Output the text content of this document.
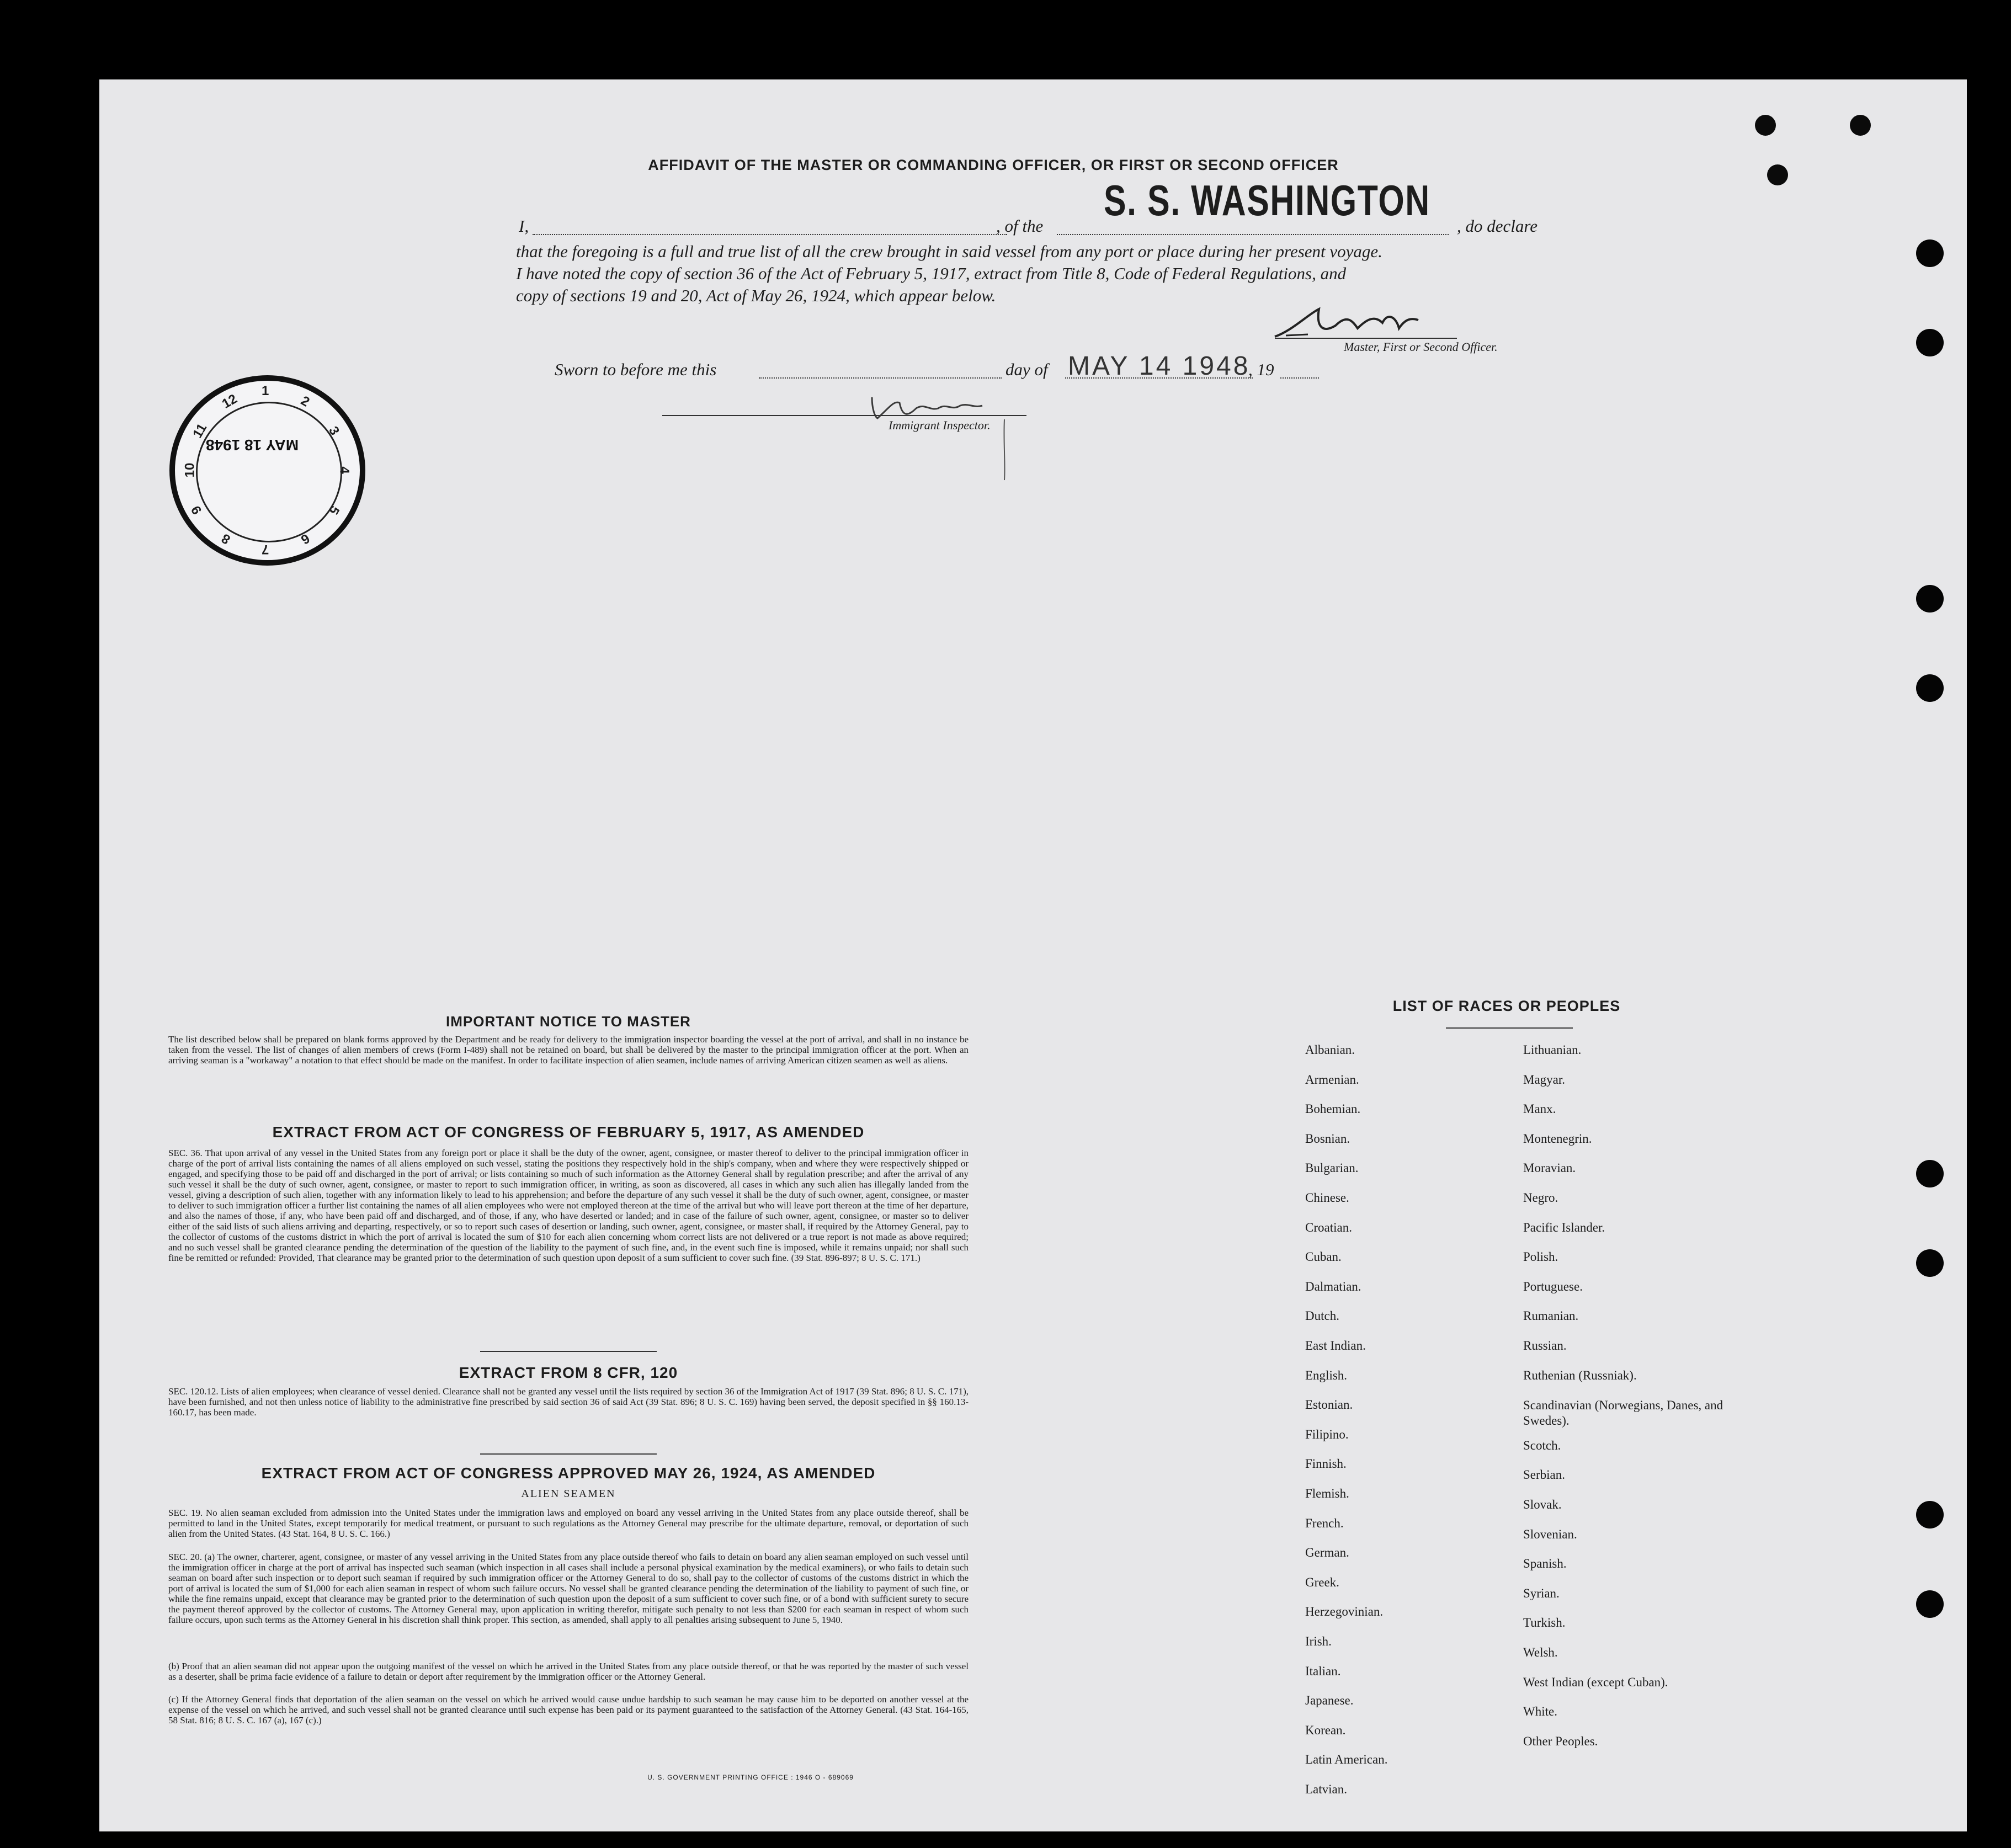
AFFIDAVIT OF THE MASTER OR COMMANDING OFFICER, OR FIRST OR SECOND OFFICER
I,	, of the
S. S. WASHINGTON
, do declare
that the foregoing is a full and true list of all the crew brought in said vessel from any port or place during her present voyage.
I have noted the copy of section 36 of the Act of February 5, 1917, extract from Title 8, Code of Federal Regulations, and
copy of sections 19 and 20, Act of May 26, 1924, which appear below.
Master, First or Second Officer.
Sworn to before me this	day of MAY 14 1948
, 19
Immigrant Inspector.
MAY 18 1948
1
2
3
4
5
6
7
8
9
10
11
12
IMPORTANT NOTICE TO MASTER
The list described below shall be prepared on blank forms approved by the Department and be ready for delivery to the immigration inspector boarding the vessel at the port of arrival, and shall in no instance be taken from the vessel. The list of changes of alien members of crews (Form I-489) shall not be retained on board, but shall be delivered by the master to the principal immigration officer at the port. When an arriving seaman is a "workaway" a notation to that effect should be made on the manifest. In order to facilitate inspection of alien seamen, include names of arriving American citizen seamen as well as aliens.
EXTRACT FROM ACT OF CONGRESS OF FEBRUARY 5, 1917, AS AMENDED
SEC. 36. That upon arrival of any vessel in the United States from any foreign port or place it shall be the duty of the owner, agent, consignee, or master thereof to deliver to the principal immigration officer in charge of the port of arrival lists containing the names of all aliens employed on such vessel, stating the positions they respectively hold in the ship's company, when and where they were respectively shipped or engaged, and specifying those to be paid off and discharged in the port of arrival; or lists containing so much of such information as the Attorney General shall by regulation prescribe; and after the arrival of any such vessel it shall be the duty of such owner, agent, consignee, or master to report to such immigration officer, in writing, as soon as discovered, all cases in which any such alien has illegally landed from the vessel, giving a description of such alien, together with any information likely to lead to his apprehension; and before the departure of any such vessel it shall be the duty of such owner, agent, consignee, or master to deliver to such immigration officer a further list containing the names of all alien employees who were not employed thereon at the time of the arrival but who will leave port thereon at the time of her departure, and also the names of those, if any, who have been paid off and discharged, and of those, if any, who have deserted or landed; and in case of the failure of such owner, agent, consignee, or master so to deliver either of the said lists of such aliens arriving and departing, respectively, or so to report such cases of desertion or landing, such owner, agent, consignee, or master shall, if required by the Attorney General, pay to the collector of customs of the customs district in which the port of arrival is located the sum of $10 for each alien concerning whom correct lists are not delivered or a true report is not made as above required; and no such vessel shall be granted clearance pending the determination of the question of the liability to the payment of such fine, and, in the event such fine is imposed, while it remains unpaid; nor shall such fine be remitted or refunded: Provided, That clearance may be granted prior to the determination of such question upon deposit of a sum sufficient to cover such fine. (39 Stat. 896-897; 8 U. S. C. 171.)
EXTRACT FROM 8 CFR, 120
SEC. 120.12. Lists of alien employees; when clearance of vessel denied. Clearance shall not be granted any vessel until the lists required by section 36 of the Immigration Act of 1917 (39 Stat. 896; 8 U. S. C. 171), have been furnished, and not then unless notice of liability to the administrative fine prescribed by said section 36 of said Act (39 Stat. 896; 8 U. S. C. 169) having been served, the deposit specified in §§ 160.13-160.17, has been made.
EXTRACT FROM ACT OF CONGRESS APPROVED MAY 26, 1924, AS AMENDED
ALIEN SEAMEN
SEC. 19. No alien seaman excluded from admission into the United States under the immigration laws and employed on board any vessel arriving in the United States from any place outside thereof, shall be permitted to land in the United States, except temporarily for medical treatment, or pursuant to such regulations as the Attorney General may prescribe for the ultimate departure, removal, or deportation of such alien from the United States. (43 Stat. 164, 8 U. S. C. 166.)
SEC. 20. (a) The owner, charterer, agent, consignee, or master of any vessel arriving in the United States from any place outside thereof who fails to detain on board any alien seaman employed on such vessel until the immigration officer in charge at the port of arrival has inspected such seaman (which inspection in all cases shall include a personal physical examination by the medical examiners), or who fails to detain such seaman on board after such inspection or to deport such seaman if required by such immigration officer or the Attorney General to do so, shall pay to the collector of customs of the customs district in which the port of arrival is located the sum of $1,000 for each alien seaman in respect of whom such failure occurs. No vessel shall be granted clearance pending the determination of the liability to payment of such fine, or while the fine remains unpaid, except that clearance may be granted prior to the determination of such question upon the deposit of a sum sufficient to cover such fine, or of a bond with sufficient surety to secure the payment thereof approved by the collector of customs. The Attorney General may, upon application in writing therefor, mitigate such penalty to not less than $200 for each seaman in respect of whom such failure occurs, upon such terms as the Attorney General in his discretion shall think proper. This section, as amended, shall apply to all penalties arising subsequent to June 5, 1940.
(b) Proof that an alien seaman did not appear upon the outgoing manifest of the vessel on which he arrived in the United States from any place outside thereof, or that he was reported by the master of such vessel as a deserter, shall be prima facie evidence of a failure to detain or deport after requirement by the immigration officer or the Attorney General.
(c) If the Attorney General finds that deportation of the alien seaman on the vessel on which he arrived would cause undue hardship to such seaman he may cause him to be deported on another vessel at the expense of the vessel on which he arrived, and such vessel shall not be granted clearance until such expense has been paid or its payment guaranteed to the satisfaction of the Attorney General. (43 Stat. 164-165, 58 Stat. 816; 8 U. S. C. 167 (a), 167 (c).)
U. S. GOVERNMENT PRINTING OFFICE : 1946 O - 689069
LIST OF RACES OR PEOPLES
Albanian.
Armenian.
Bohemian.
Bosnian.
Bulgarian.
Chinese.
Croatian.
Cuban.
Dalmatian.
Dutch.
East Indian.
English.
Estonian.
Filipino.
Finnish.
Flemish.
French.
German.
Greek.
Herzegovinian.
Irish.
Italian.
Japanese.
Korean.
Latin American.
Latvian.
Lithuanian.
Magyar.
Manx.
Montenegrin.
Moravian.
Negro.
Pacific Islander.
Polish.
Portuguese.
Rumanian.
Russian.
Ruthenian (Russniak).
Scandinavian (Norwegians, Danes, and Swedes).
Scotch.
Serbian.
Slovak.
Slovenian.
Spanish.
Syrian.
Turkish.
Welsh.
West Indian (except Cuban).
White.
Other Peoples.
